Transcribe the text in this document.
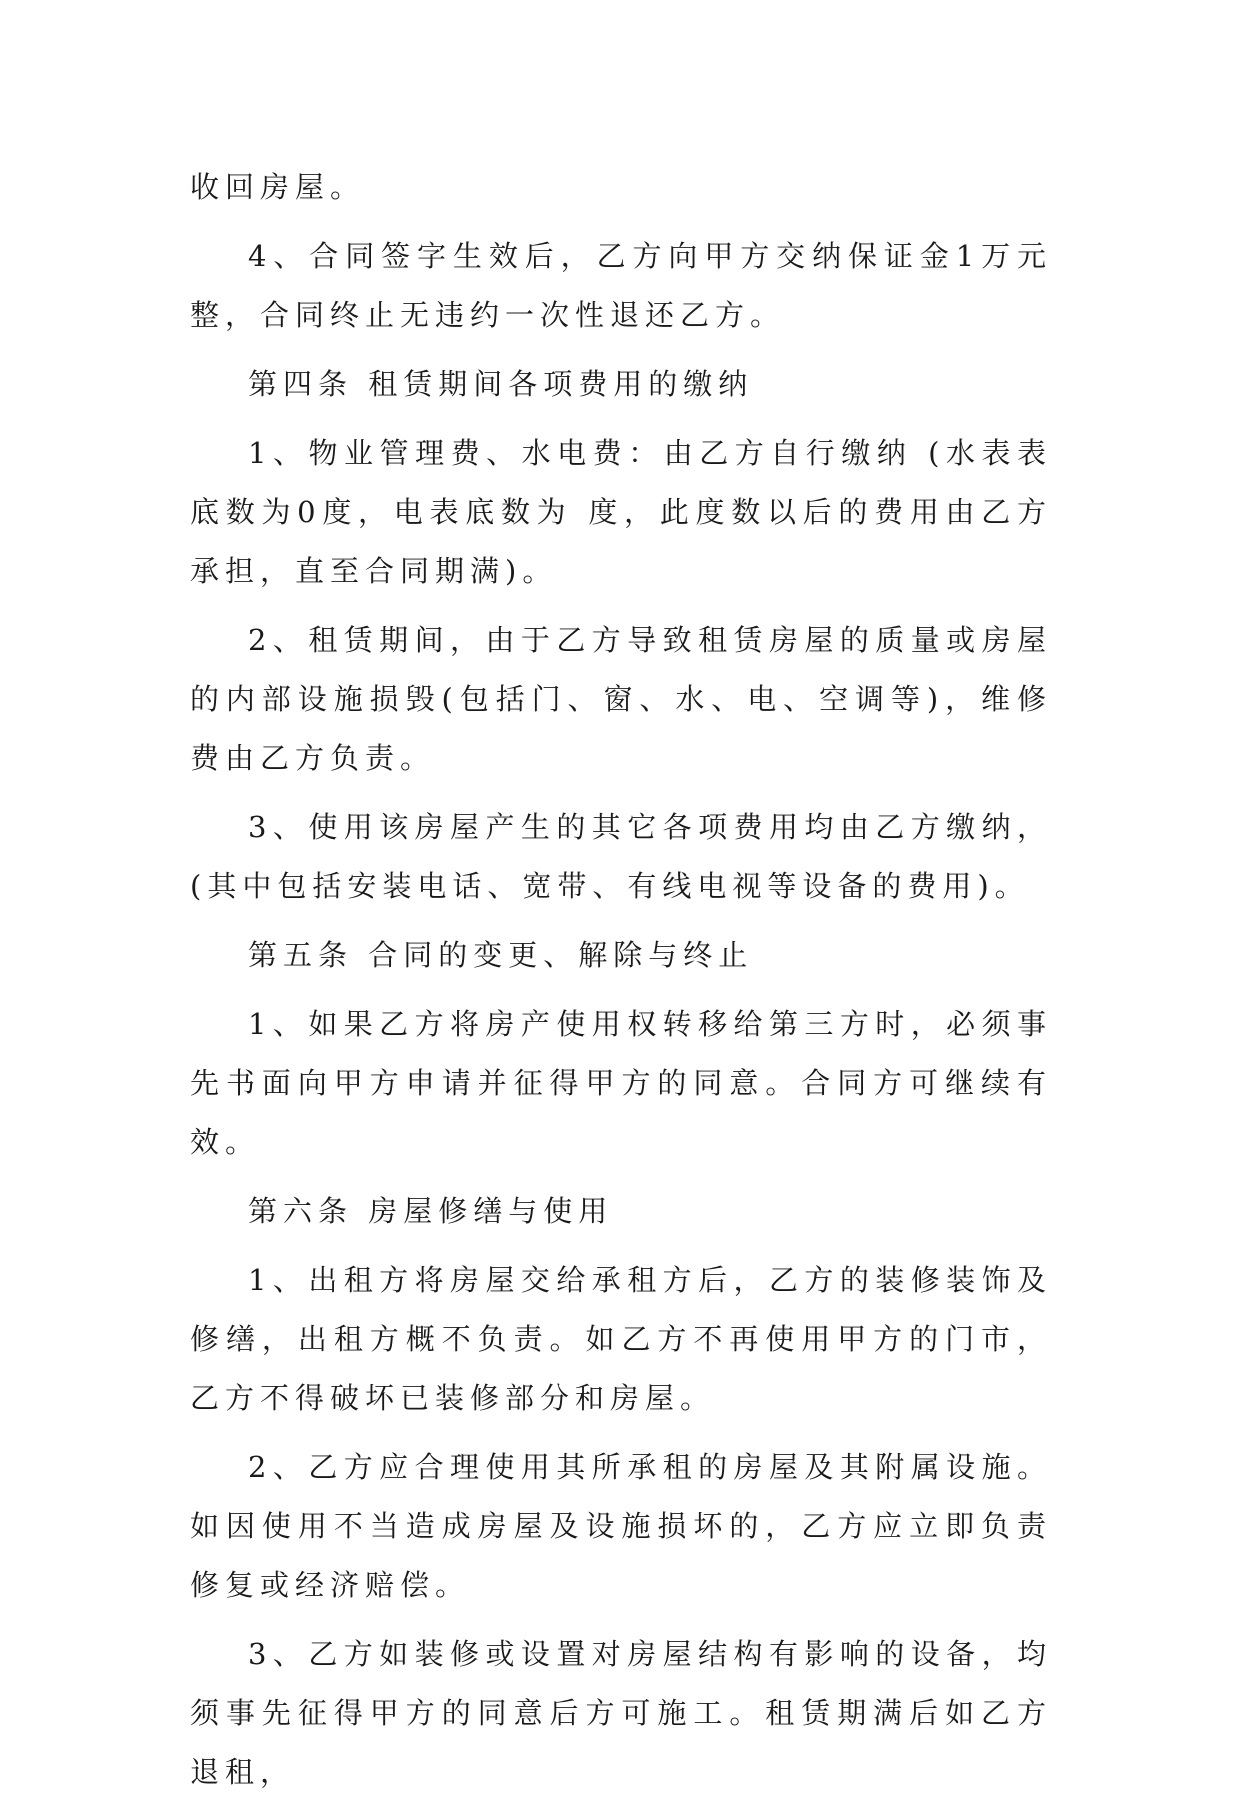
收回房屋。

4、合同签字生效后，乙方向甲方交纳保证金1万元整，合同终止无违约一次性退还乙方。

第四条 租赁期间各项费用的缴纳

1、物业管理费、水电费：由乙方自行缴纳 (水表表底数为0度，电表底数为 度，此度数以后的费用由乙方承担，直至合同期满)。

2、租赁期间，由于乙方导致租赁房屋的质量或房屋的内部设施损毁(包括门、窗、水、电、空调等)，维修费由乙方负责。

3、使用该房屋产生的其它各项费用均由乙方缴纳，(其中包括安装电话、宽带、有线电视等设备的费用)。

第五条 合同的变更、解除与终止

1、如果乙方将房产使用权转移给第三方时，必须事先书面向甲方申请并征得甲方的同意。合同方可继续有效。

第六条 房屋修缮与使用

1、出租方将房屋交给承租方后，乙方的装修装饰及修缮，出租方概不负责。如乙方不再使用甲方的门市，乙方不得破坏已装修部分和房屋。

2、乙方应合理使用其所承租的房屋及其附属设施。如因使用不当造成房屋及设施损坏的，乙方应立即负责修复或经济赔偿。

3、乙方如装修或设置对房屋结构有影响的设备，均须事先征得甲方的同意后方可施工。租赁期满后如乙方退租，
